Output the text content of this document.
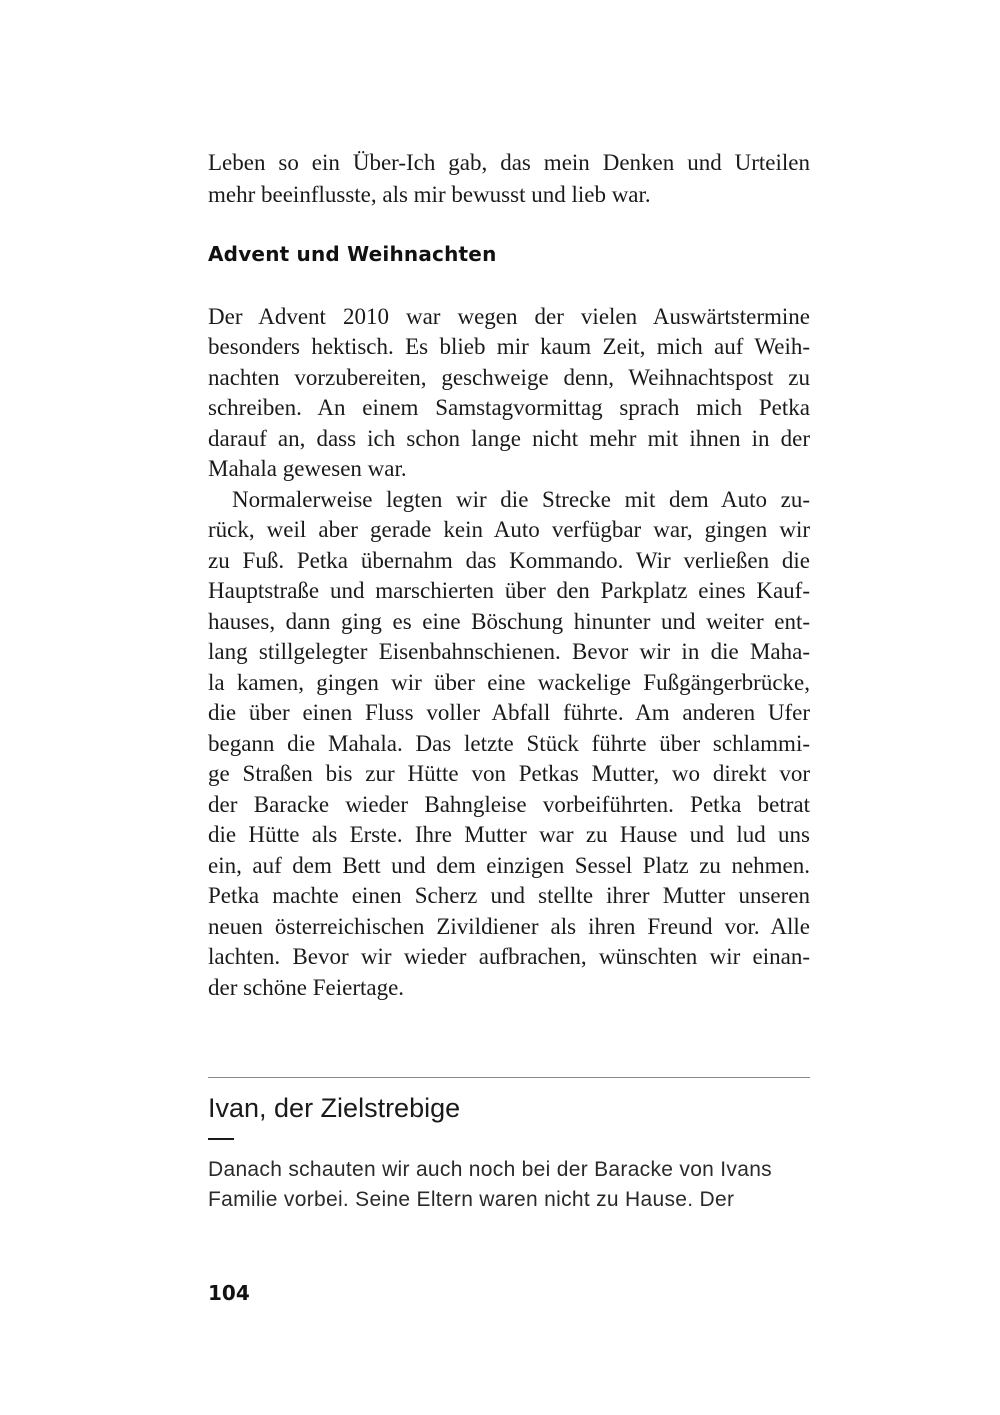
Leben so ein Über-Ich gab, das mein Denken und Urteilen
mehr beeinflusste, als mir bewusst und lieb war.
Advent und Weihnachten
Der Advent 2010 war wegen der vielen Auswärtstermine
besonders hektisch. Es blieb mir kaum Zeit, mich auf Weih-
nachten vorzubereiten, geschweige denn, Weihnachtspost zu
schreiben. An einem Samstagvormittag sprach mich Petka
darauf an, dass ich schon lange nicht mehr mit ihnen in der
Mahala gewesen war.
Normalerweise legten wir die Strecke mit dem Auto zu-
rück, weil aber gerade kein Auto verfügbar war, gingen wir
zu Fuß. Petka übernahm das Kommando. Wir verließen die
Hauptstraße und marschierten über den Parkplatz eines Kauf-
hauses, dann ging es eine Böschung hinunter und weiter ent-
lang stillgelegter Eisenbahnschienen. Bevor wir in die Maha-
la kamen, gingen wir über eine wackelige Fußgängerbrücke,
die über einen Fluss voller Abfall führte. Am anderen Ufer
begann die Mahala. Das letzte Stück führte über schlammi-
ge Straßen bis zur Hütte von Petkas Mutter, wo direkt vor
der Baracke wieder Bahngleise vorbeiführten. Petka betrat
die Hütte als Erste. Ihre Mutter war zu Hause und lud uns
ein, auf dem Bett und dem einzigen Sessel Platz zu nehmen.
Petka machte einen Scherz und stellte ihrer Mutter unseren
neuen österreichischen Zivildiener als ihren Freund vor. Alle
lachten. Bevor wir wieder aufbrachen, wünschten wir einan-
der schöne Feiertage.
Ivan, der Zielstrebige
Danach schauten wir auch noch bei der Baracke von Ivans
Familie vorbei. Seine Eltern waren nicht zu Hause. Der
104
